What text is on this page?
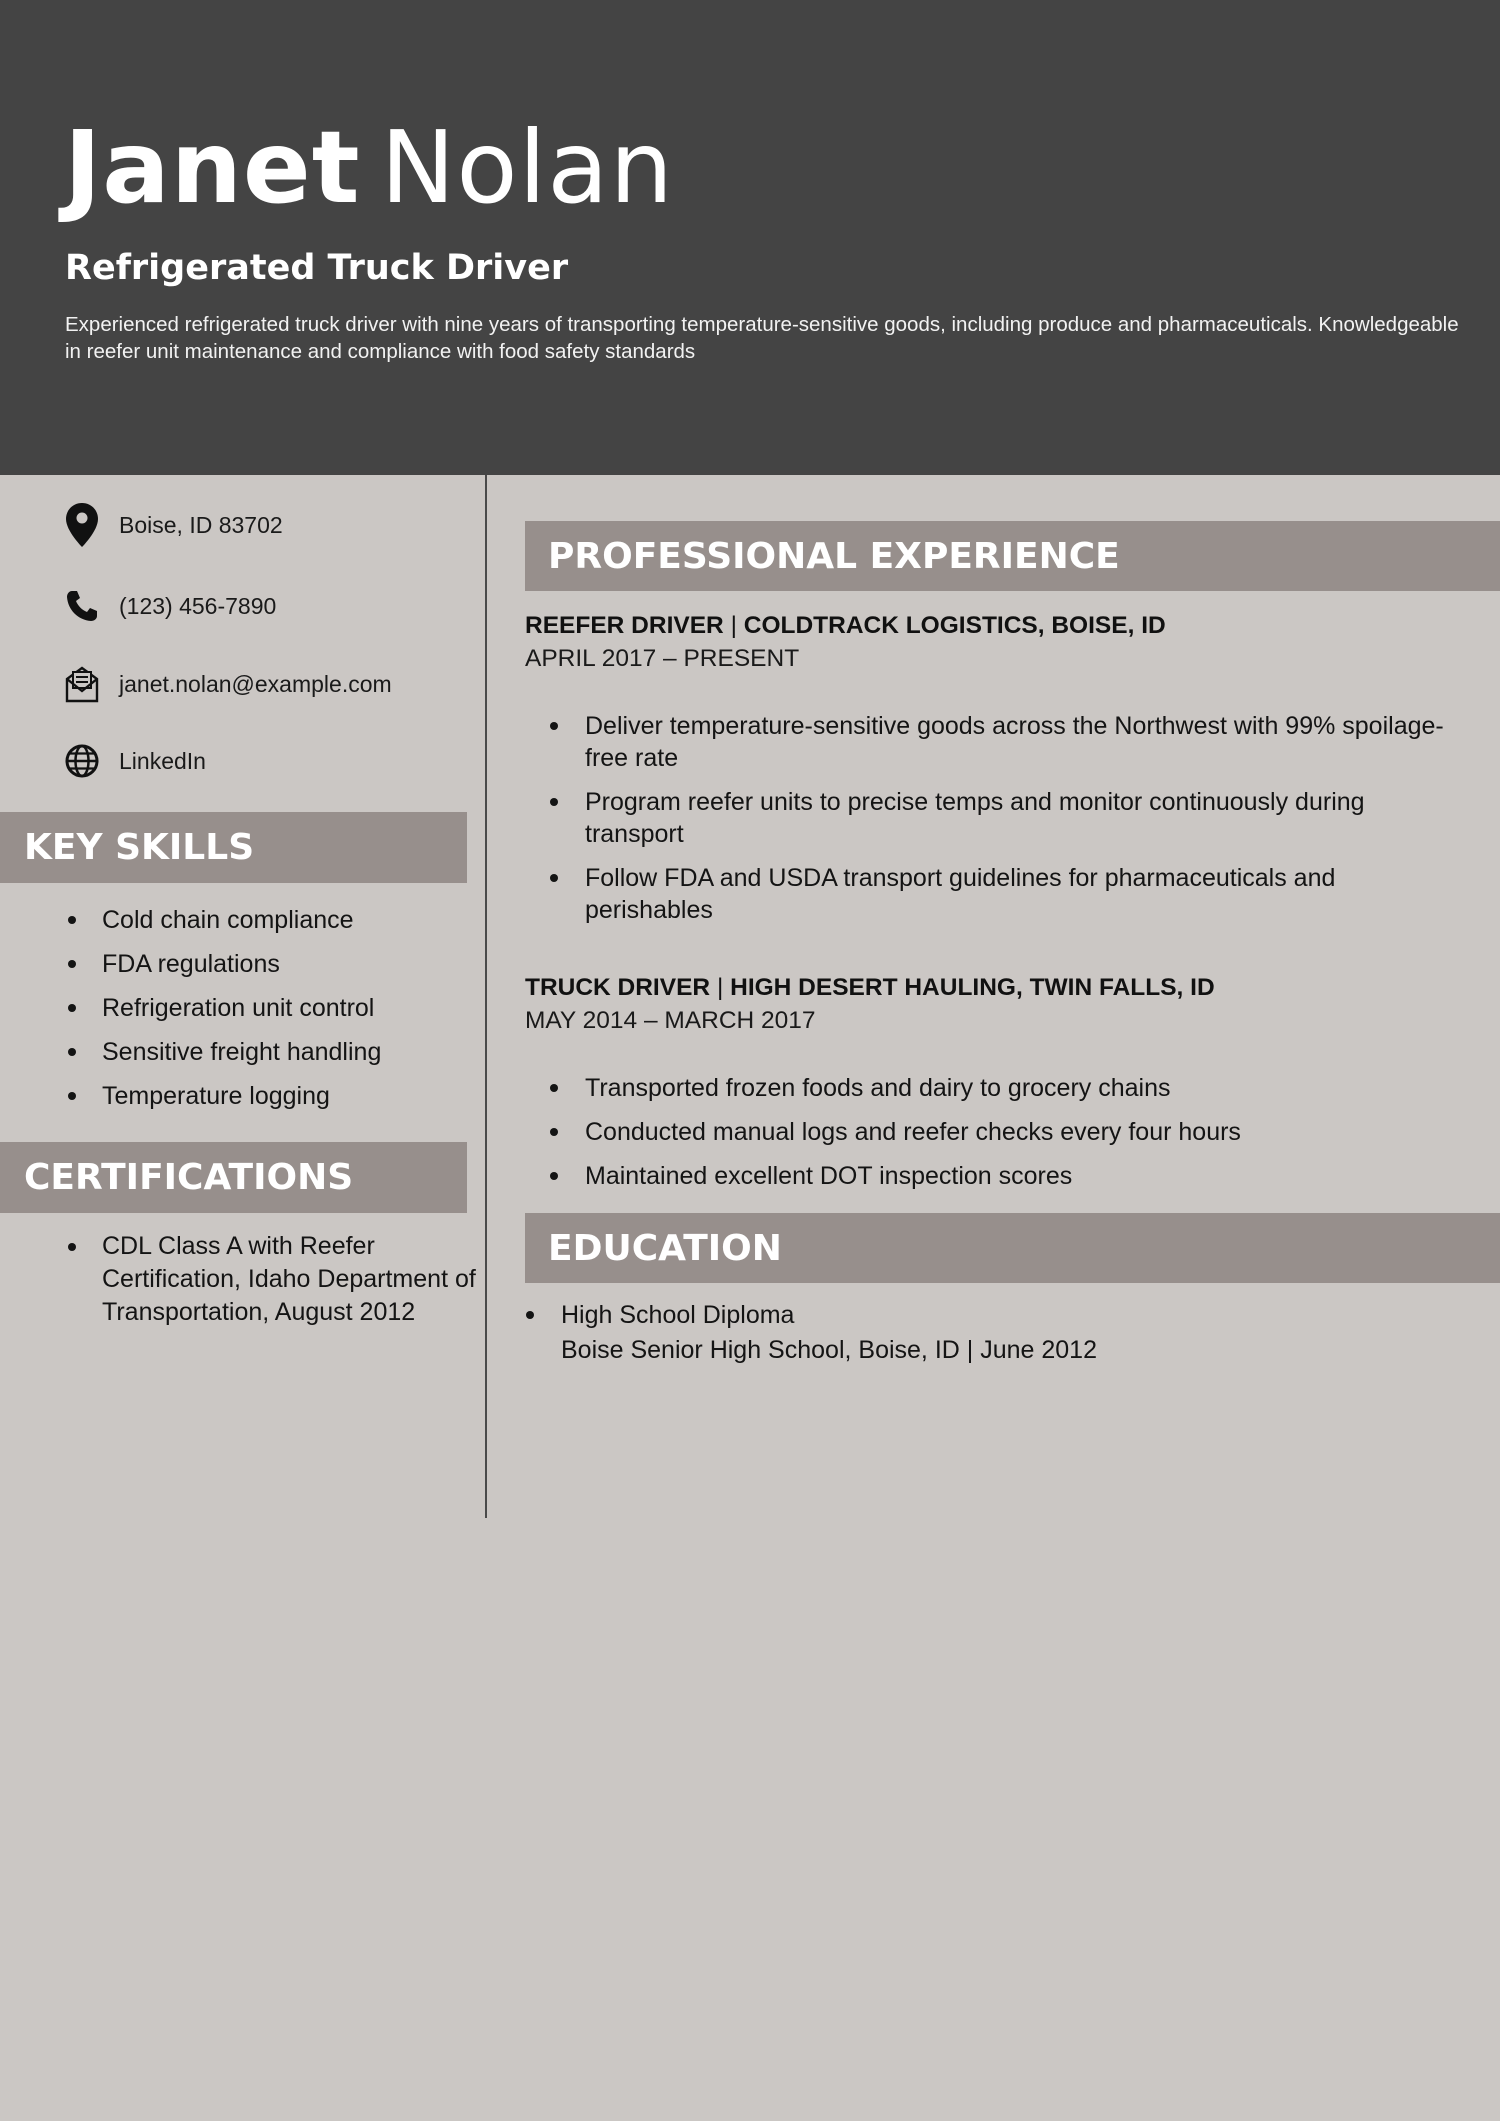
Janet Nolan
Refrigerated Truck Driver
Experienced refrigerated truck driver with nine years of transporting temperature-sensitive goods, including produce and pharmaceuticals. Knowledgeable in reefer unit maintenance and compliance with food safety standards
Boise, ID 83702
(123) 456-7890
janet.nolan@example.com
LinkedIn
KEY SKILLS
Cold chain compliance
FDA regulations
Refrigeration unit control
Sensitive freight handling
Temperature logging
CERTIFICATIONS
CDL Class A with Reefer Certification, Idaho Department of Transportation, August 2012
PROFESSIONAL EXPERIENCE
REEFER DRIVER | COLDTRACK LOGISTICS, BOISE, ID
APRIL 2017 – PRESENT
Deliver temperature-sensitive goods across the Northwest with 99% spoilage-free rate
Program reefer units to precise temps and monitor continuously during transport
Follow FDA and USDA transport guidelines for pharmaceuticals and perishables
TRUCK DRIVER | HIGH DESERT HAULING, TWIN FALLS, ID
MAY 2014 – MARCH 2017
Transported frozen foods and dairy to grocery chains
Conducted manual logs and reefer checks every four hours
Maintained excellent DOT inspection scores
EDUCATION
High School Diploma
Boise Senior High School, Boise, ID | June 2012
